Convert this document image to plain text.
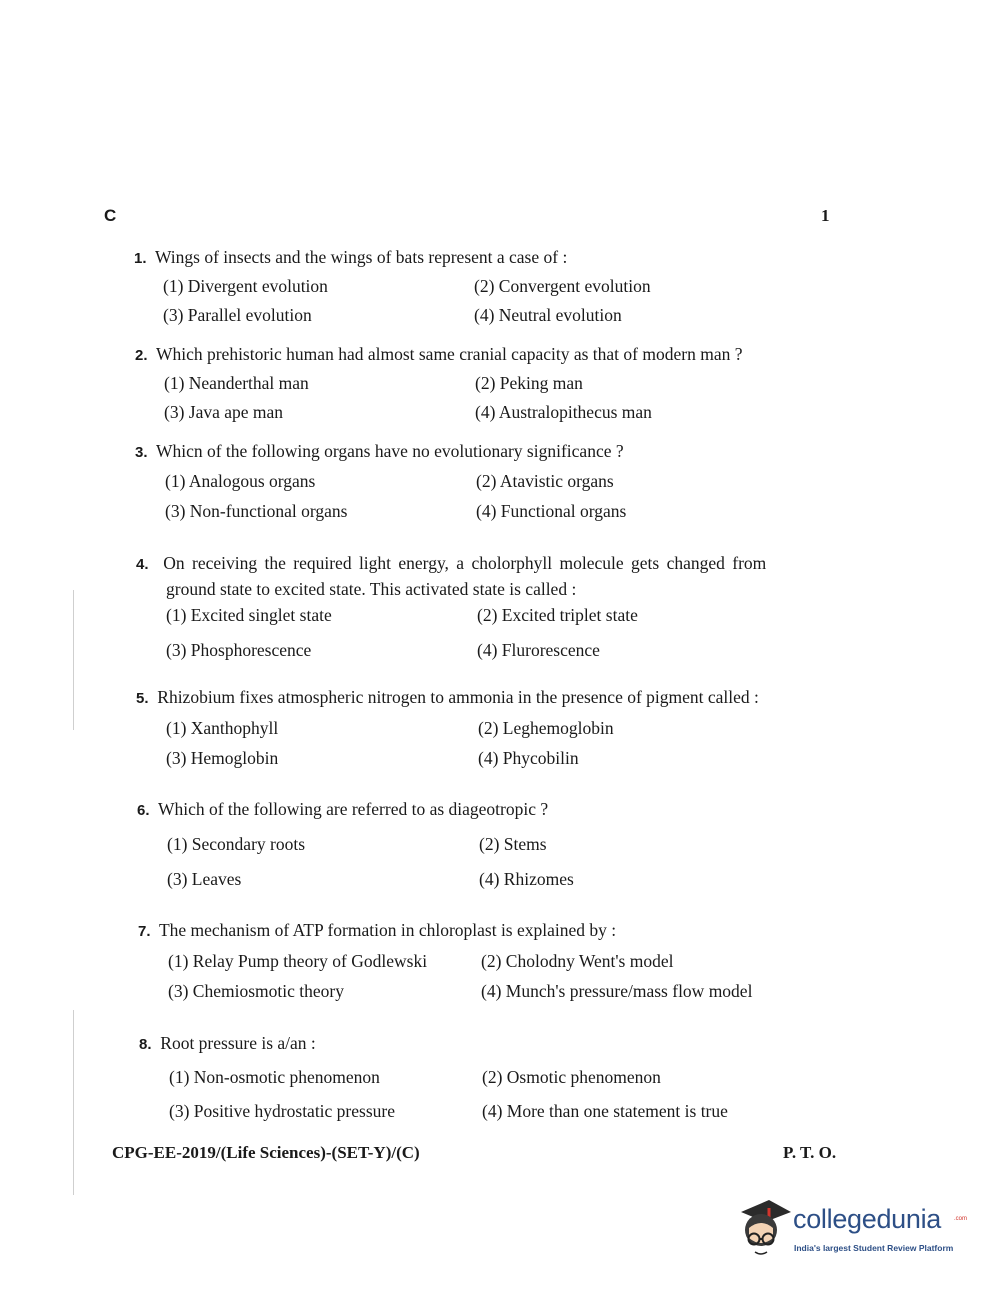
C	1
1. Wings of insects and the wings of bats represent a case of :
(1) Divergent evolution	(2) Convergent evolution
(3) Parallel evolution	(4) Neutral evolution
2. Which prehistoric human had almost same cranial capacity as that of modern man ?
(1) Neanderthal man	(2) Peking man
(3) Java ape man	(4) Australopithecus man
3. Whicn of the following organs have no evolutionary significance ?
(1) Analogous organs	(2) Atavistic organs
(3) Non-functional organs	(4) Functional organs
4. On receiving the required light energy, a cholorphyll molecule gets changed from
ground state to excited state. This activated state is called :
(1) Excited singlet state	(2) Excited triplet state
(3) Phosphorescence	(4) Flurorescence
5. Rhizobium fixes atmospheric nitrogen to ammonia in the presence of pigment called :
(1) Xanthophyll	(2) Leghemoglobin
(3) Hemoglobin	(4) Phycobilin
6. Which of the following are referred to as diageotropic ?
(1) Secondary roots	(2) Stems
(3) Leaves	(4) Rhizomes
7. The mechanism of ATP formation in chloroplast is explained by :
(1) Relay Pump theory of Godlewski	(2) Cholodny Went's model
(3) Chemiosmotic theory	(4) Munch's pressure/mass flow model
8. Root pressure is a/an :
(1) Non-osmotic phenomenon	(2) Osmotic phenomenon
(3) Positive hydrostatic pressure	(4) More than one statement is true
CPG-EE-2019/(Life Sciences)-(SET-Y)/(C)	P. T. O.
collegedunia .com
India's largest Student Review Platform
